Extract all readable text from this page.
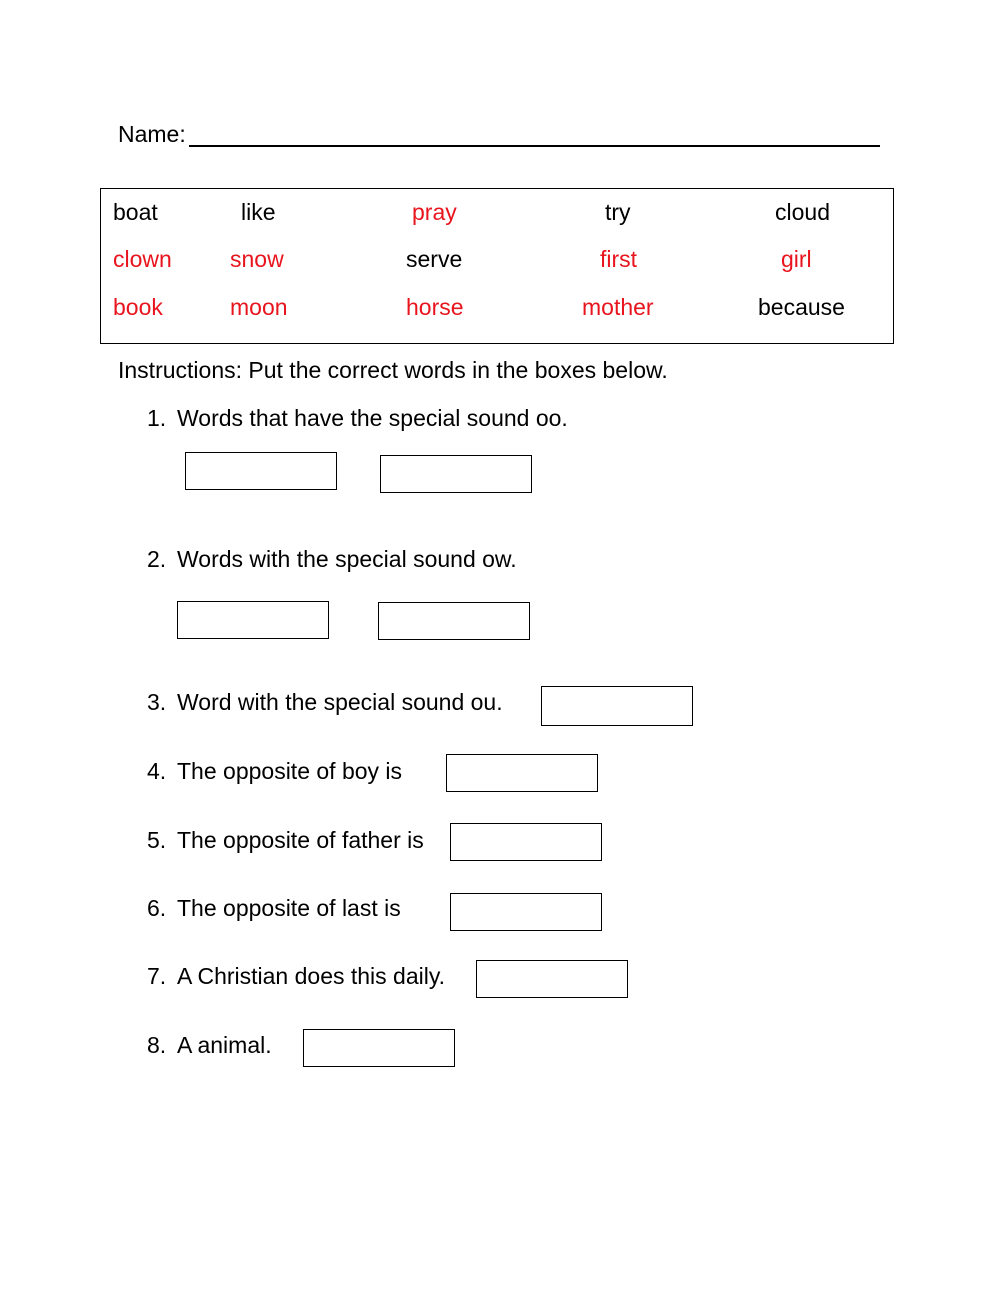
Name:
boat	like	pray	try	cloud
clown	snow	serve	first	girl
book	moon	horse	mother	because
Instructions: Put the correct words in the boxes below.
1. Words that have the special sound oo.
2. Words with the special sound ow.
3. Word with the special sound ou.
4. The opposite of boy is
5. The opposite of father is
6. The opposite of last is
7. A Christian does this daily.
8. A animal.
